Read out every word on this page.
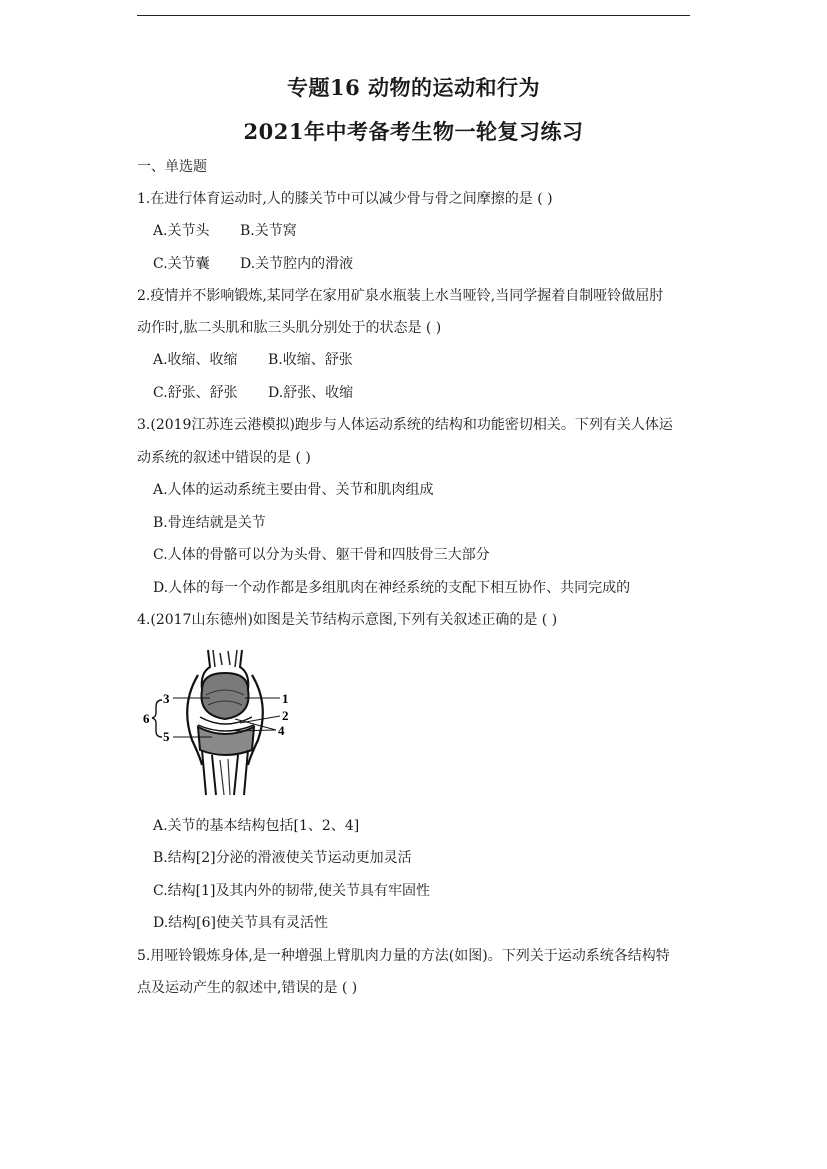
专题16 动物的运动和行为
2021年中考备考生物一轮复习练习
一、单选题
1.在进行体育运动时,人的膝关节中可以减少骨与骨之间摩擦的是 ( )
A.关节头 B.关节窝
C.关节囊 D.关节腔内的滑液
2.疫情并不影响锻炼,某同学在家用矿泉水瓶装上水当哑铃,当同学握着自制哑铃做屈肘
动作时,肱二头肌和肱三头肌分别处于的状态是 ( )
A.收缩、收缩 B.收缩、舒张
C.舒张、舒张 D.舒张、收缩
3.(2019江苏连云港模拟)跑步与人体运动系统的结构和功能密切相关。下列有关人体运
动系统的叙述中错误的是 ( )
A.人体的运动系统主要由骨、关节和肌肉组成
B.骨连结就是关节
C.人体的骨骼可以分为头骨、躯干骨和四肢骨三大部分
D.人体的每一个动作都是多组肌肉在神经系统的支配下相互协作、共同完成的
4.(2017山东德州)如图是关节结构示意图,下列有关叙述正确的是 ( )
3	1
2
4
5
6
A.关节的基本结构包括[1、2、4]
B.结构[2]分泌的滑液使关节运动更加灵活
C.结构[1]及其内外的韧带,使关节具有牢固性
D.结构[6]使关节具有灵活性
5.用哑铃锻炼身体,是一种增强上臂肌肉力量的方法(如图)。下列关于运动系统各结构特
点及运动产生的叙述中,错误的是 ( )
